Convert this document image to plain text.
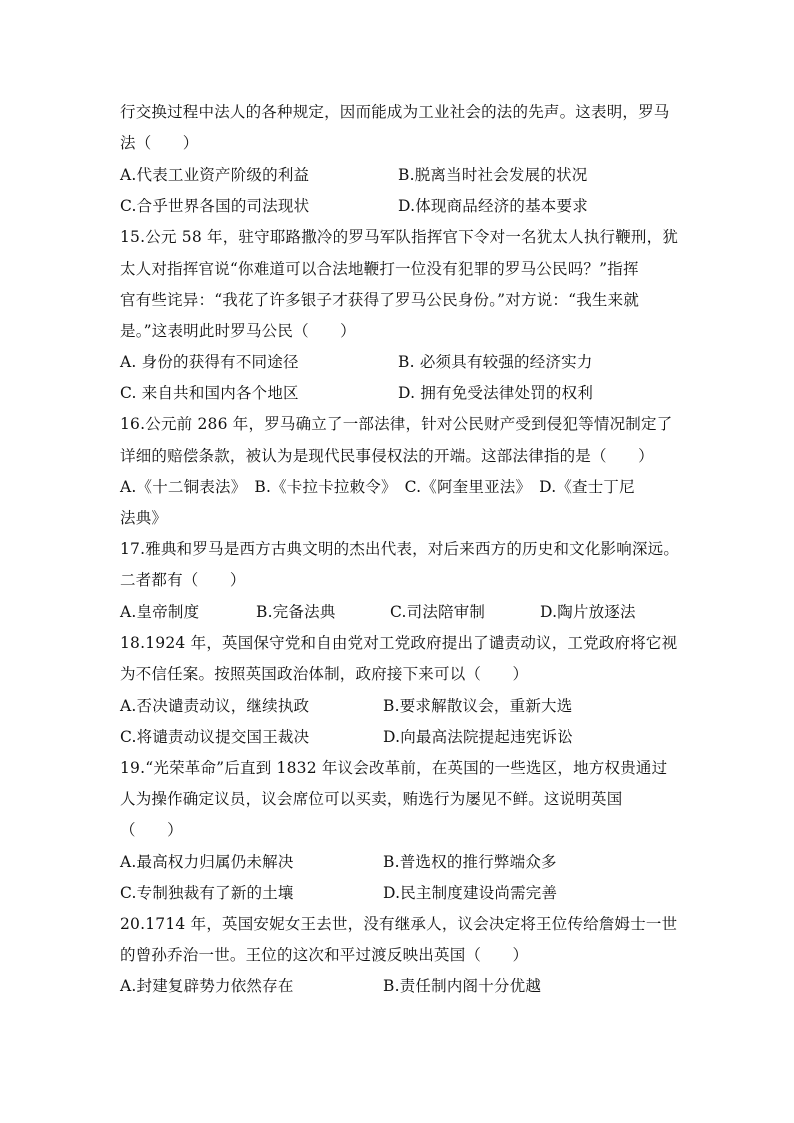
行交换过程中法人的各种规定，因而能成为工业社会的法的先声。这表明，罗马
法（　　）
A.代表工业资产阶级的利益	B.脱离当时社会发展的状况
C.合乎世界各国的司法现状	D.体现商品经济的基本要求
15.公元 58 年，驻守耶路撒冷的罗马军队指挥官下令对一名犹太人执行鞭刑，犹
太人对指挥官说“你难道可以合法地鞭打一位没有犯罪的罗马公民吗？”指挥
官有些诧异：“我花了许多银子才获得了罗马公民身份。”对方说：“我生来就
是。”这表明此时罗马公民（　　）
A. 身份的获得有不同途径	B. 必须具有较强的经济实力
C. 来自共和国内各个地区	D. 拥有免受法律处罚的权利
16.公元前 286 年，罗马确立了一部法律，针对公民财产受到侵犯等情况制定了
详细的赔偿条款，被认为是现代民事侵权法的开端。这部法律指的是（　　）
A.《十二铜表法》　B.《卡拉卡拉敕令》　C.《阿奎里亚法》　D.《查士丁尼
法典》
17.雅典和罗马是西方古典文明的杰出代表，对后来西方的历史和文化影响深远。
二者都有（　　）
A.皇帝制度	B.完备法典	C.司法陪审制	D.陶片放逐法
18.1924 年，英国保守党和自由党对工党政府提出了谴责动议，工党政府将它视
为不信任案。按照英国政治体制，政府接下来可以（　　）
A.否决谴责动议，继续执政	B.要求解散议会，重新大选
C.将谴责动议提交国王裁决	D.向最高法院提起违宪诉讼
19.“光荣革命”后直到 1832 年议会改革前，在英国的一些选区，地方权贵通过
人为操作确定议员，议会席位可以买卖，贿选行为屡见不鲜。这说明英国
（　　）
A.最高权力归属仍未解决	B.普选权的推行弊端众多
C.专制独裁有了新的土壤	D.民主制度建设尚需完善
20.1714 年，英国安妮女王去世，没有继承人，议会决定将王位传给詹姆士一世
的曾孙乔治一世。王位的这次和平过渡反映出英国（　　）
A.封建复辟势力依然存在	B.责任制内阁十分优越
